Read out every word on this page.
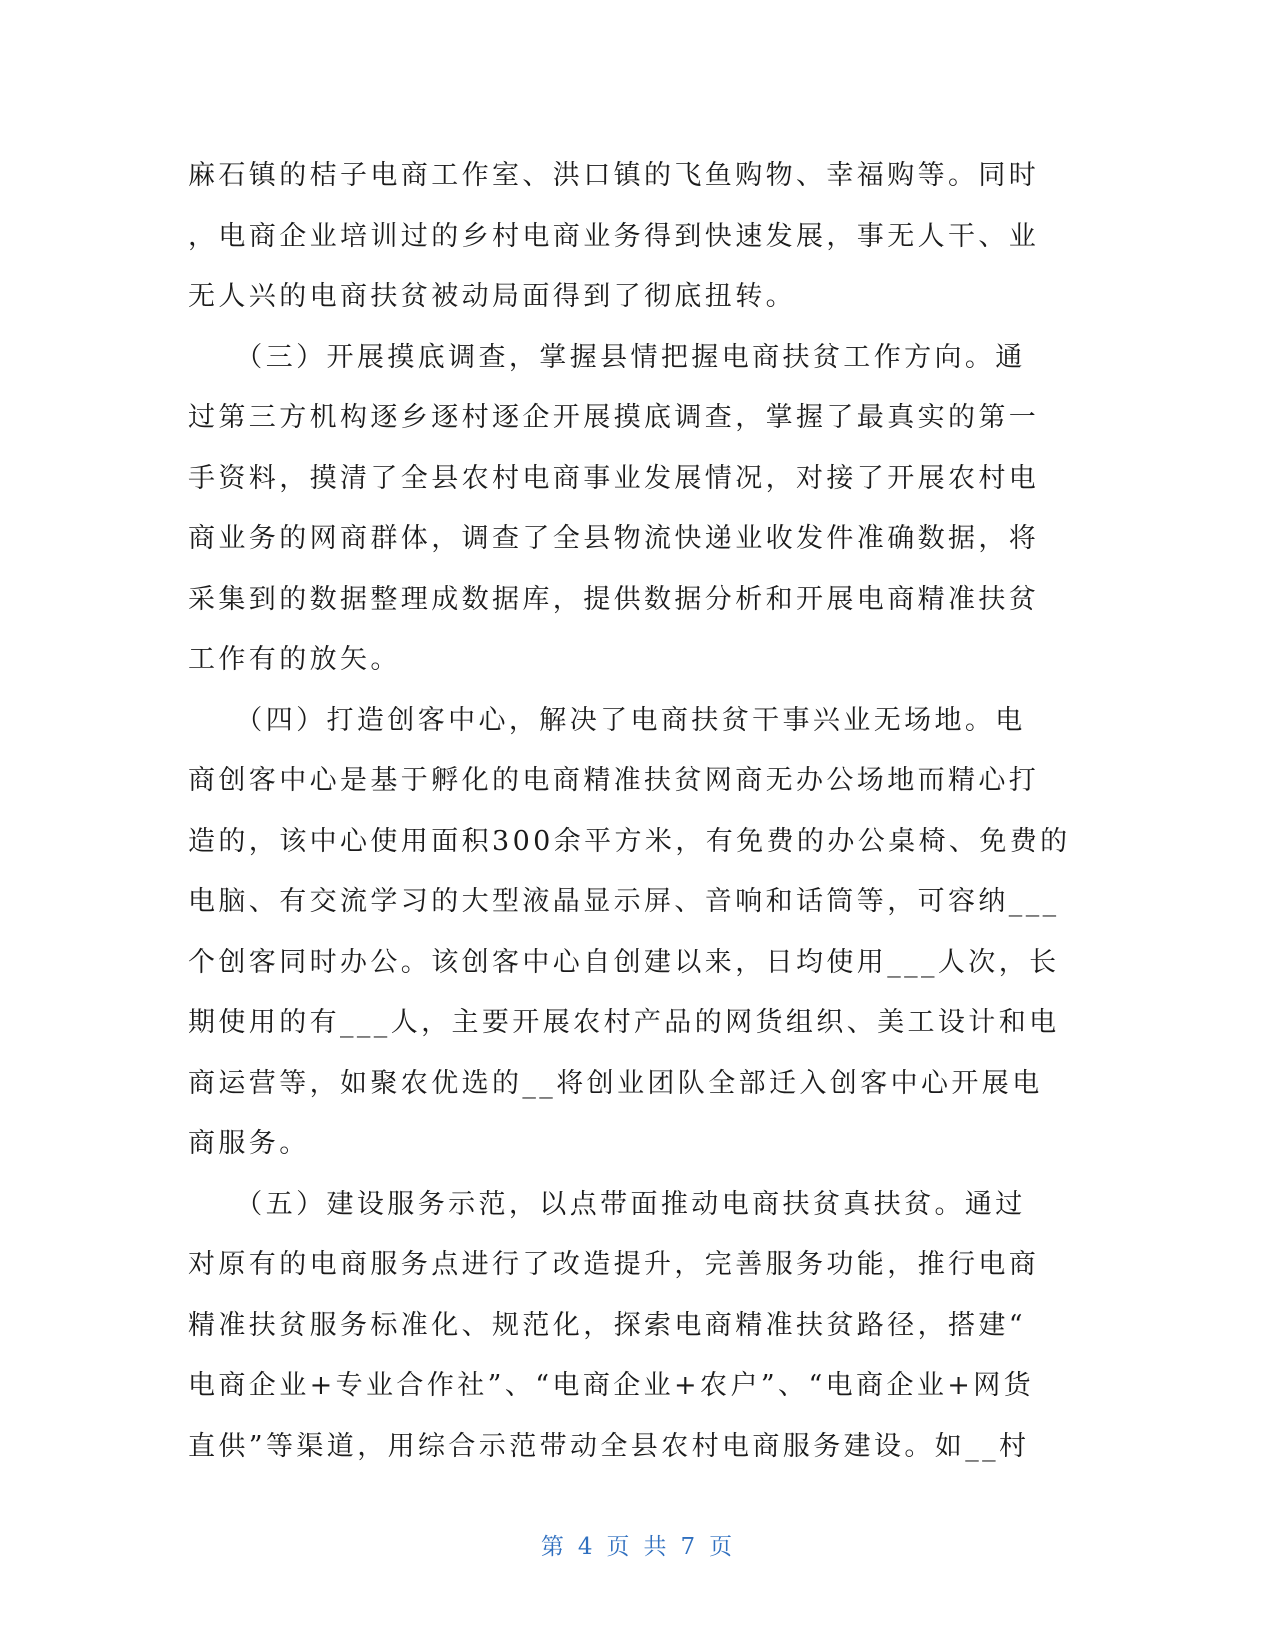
麻石镇的桔子电商工作室、洪口镇的飞鱼购物、幸福购等。同时
，电商企业培训过的乡村电商业务得到快速发展，事无人干、业
无人兴的电商扶贫被动局面得到了彻底扭转。
　　（三）开展摸底调查，掌握县情把握电商扶贫工作方向。通
过第三方机构逐乡逐村逐企开展摸底调查，掌握了最真实的第一
手资料，摸清了全县农村电商事业发展情况，对接了开展农村电
商业务的网商群体，调查了全县物流快递业收发件准确数据，将
采集到的数据整理成数据库，提供数据分析和开展电商精准扶贫
工作有的放矢。
　　（四）打造创客中心，解决了电商扶贫干事兴业无场地。电
商创客中心是基于孵化的电商精准扶贫网商无办公场地而精心打
造的，该中心使用面积300余平方米，有免费的办公桌椅、免费的
电脑、有交流学习的大型液晶显示屏、音响和话筒等，可容纳___
个创客同时办公。该创客中心自创建以来，日均使用___人次，长
期使用的有___人，主要开展农村产品的网货组织、美工设计和电
商运营等，如聚农优选的__将创业团队全部迁入创客中心开展电
商服务。
　　（五）建设服务示范，以点带面推动电商扶贫真扶贫。通过
对原有的电商服务点进行了改造提升，完善服务功能，推行电商
精准扶贫服务标准化、规范化，探索电商精准扶贫路径，搭建“
电商企业+专业合作社”、“电商企业+农户”、“电商企业+网货
直供”等渠道，用综合示范带动全县农村电商服务建设。如__村
第 4 页 共 7 页
